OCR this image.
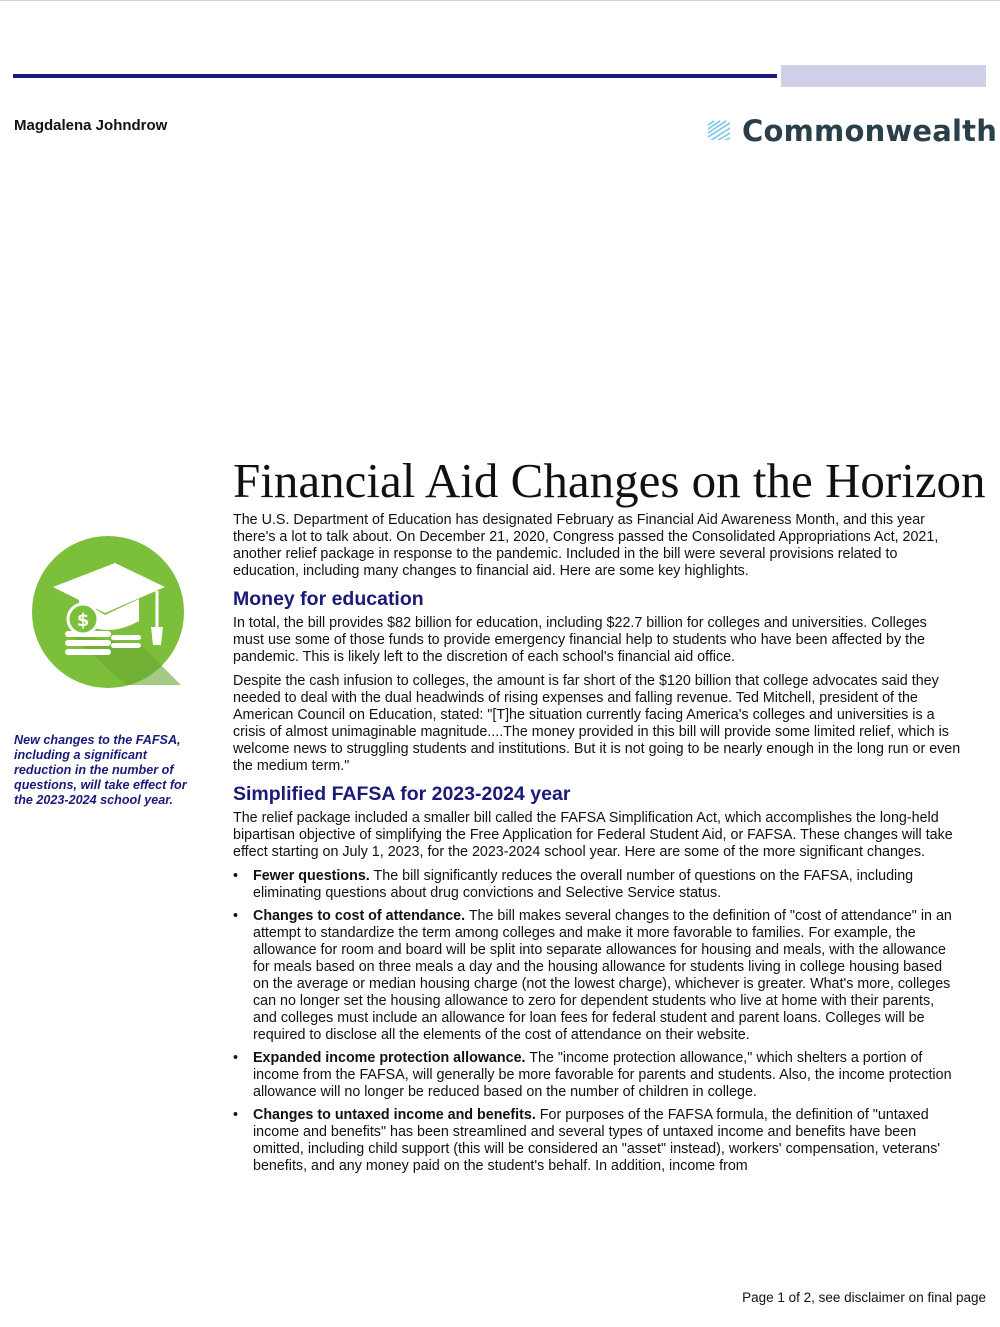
Magdalena Johndrow	Commonwealth
$
New changes to the FAFSA, including a significant reduction in the number of questions, will take effect for the 2023-2024 school year.
Financial Aid Changes on the Horizon

The U.S. Department of Education has designated February as Financial Aid Awareness Month, and this year there's a lot to talk about. On December 21, 2020, Congress passed the Consolidated Appropriations Act, 2021, another relief package in response to the pandemic. Included in the bill were several provisions related to education, including many changes to financial aid. Here are some key highlights.

Money for education

In total, the bill provides $82 billion for education, including $22.7 billion for colleges and universities. Colleges must use some of those funds to provide emergency financial help to students who have been affected by the pandemic. This is likely left to the discretion of each school's financial aid office.

Despite the cash infusion to colleges, the amount is far short of the $120 billion that college advocates said they needed to deal with the dual headwinds of rising expenses and falling revenue. Ted Mitchell, president of the American Council on Education, stated: "[T]he situation currently facing America's colleges and universities is a crisis of almost unimaginable magnitude....The money provided in this bill will provide some limited relief, which is welcome news to struggling students and institutions. But it is not going to be nearly enough in the long run or even the medium term."

Simplified FAFSA for 2023-2024 year

The relief package included a smaller bill called the FAFSA Simplification Act, which accomplishes the long-held bipartisan objective of simplifying the Free Application for Federal Student Aid, or FAFSA. These changes will take effect starting on July 1, 2023, for the 2023-2024 school year. Here are some of the more significant changes.

• Fewer questions. The bill significantly reduces the overall number of questions on the FAFSA, including eliminating questions about drug convictions and Selective Service status.
• Changes to cost of attendance. The bill makes several changes to the definition of "cost of attendance" in an attempt to standardize the term among colleges and make it more favorable to families. For example, the allowance for room and board will be split into separate allowances for housing and meals, with the allowance for meals based on three meals a day and the housing allowance for students living in college housing based on the average or median housing charge (not the lowest charge), whichever is greater. What's more, colleges can no longer set the housing allowance to zero for dependent students who live at home with their parents, and colleges must include an allowance for loan fees for federal student and parent loans. Colleges will be required to disclose all the elements of the cost of attendance on their website.
• Expanded income protection allowance. The "income protection allowance," which shelters a portion of income from the FAFSA, will generally be more favorable for parents and students. Also, the income protection allowance will no longer be reduced based on the number of children in college.
• Changes to untaxed income and benefits. For purposes of the FAFSA formula, the definition of "untaxed income and benefits" has been streamlined and several types of untaxed income and benefits have been omitted, including child support (this will be considered an "asset" instead), workers' compensation, veterans' benefits, and any money paid on the student's behalf. In addition, income from
Page 1 of 2, see disclaimer on final page
